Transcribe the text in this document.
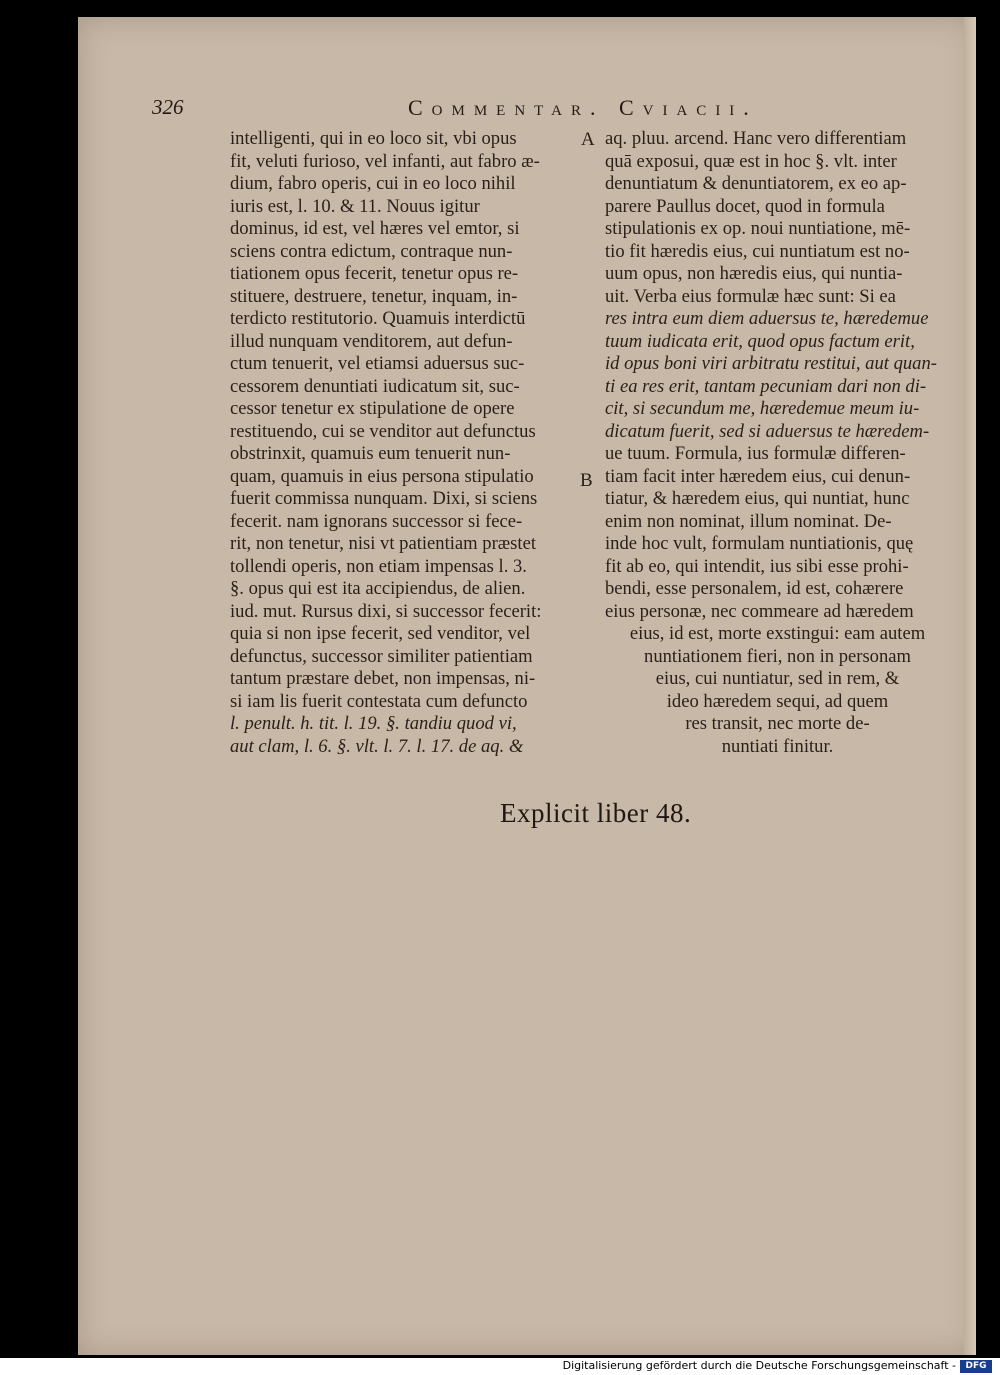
326	Commentar. Cviacii.
intelligenti, qui in eo loco sit, vbi opus
fit, veluti furioso, vel infanti, aut fabro æ-
dium, fabro operis, cui in eo loco nihil
iuris est, l. 10. & 11. Nouus igitur
dominus, id est, vel hæres vel emtor, si
sciens contra edictum, contraque nun-
tiationem opus fecerit, tenetur opus re-
stituere, destruere, tenetur, inquam, in-
terdicto restitutorio. Quamuis interdictū
illud nunquam venditorem, aut defun-
ctum tenuerit, vel etiamsi aduersus suc-
cessorem denuntiati iudicatum sit, suc-
cessor tenetur ex stipulatione de opere
restituendo, cui se venditor aut defunctus
obstrinxit, quamuis eum tenuerit nun-
quam, quamuis in eius persona stipulatio
fuerit commissa nunquam. Dixi, si sciens
fecerit. nam ignorans successor si fece-
rit, non tenetur, nisi vt patientiam præstet
tollendi operis, non etiam impensas l. 3.
§. opus qui est ita accipiendus, de alien.
iud. mut. Rursus dixi, si successor fecerit:
quia si non ipse fecerit, sed venditor, vel
defunctus, successor similiter patientiam
tantum præstare debet, non impensas, ni-
si iam lis fuerit contestata cum defuncto
l. penult. h. tit. l. 19. §. tandiu quod vi,
aut clam, l. 6. §. vlt. l. 7. l. 17. de aq. &
A
B
aq. pluu. arcend. Hanc vero differentiam
quā exposui, quæ est in hoc §. vlt. inter
denuntiatum & denuntiatorem, ex eo ap-
parere Paullus docet, quod in formula
stipulationis ex op. noui nuntiatione, mē-
tio fit hæredis eius, cui nuntiatum est no-
uum opus, non hæredis eius, qui nuntia-
uit. Verba eius formulæ hæc sunt: Si ea
res intra eum diem aduersus te, hæredemue
tuum iudicata erit, quod opus factum erit,
id opus boni viri arbitratu restitui, aut quan-
ti ea res erit, tantam pecuniam dari non di-
cit, si secundum me, hæredemue meum iu-
dicatum fuerit, sed si aduersus te hæredem-
ue tuum. Formula, ius formulæ differen-
tiam facit inter hæredem eius, cui denun-
tiatur, & hæredem eius, qui nuntiat, hunc
enim non nominat, illum nominat. De-
inde hoc vult, formulam nuntiationis, quę
fit ab eo, qui intendit, ius sibi esse prohi-
bendi, esse personalem, id est, cohærere
eius personæ, nec commeare ad hæredem
eius, id est, morte exstingui: eam autem
nuntiationem fieri, non in personam
eius, cui nuntiatur, sed in rem, &
ideo hæredem sequi, ad quem
res transit, nec morte de-
nuntiati finitur.
Explicit liber 48.
Digitalisierung gefördert durch die Deutsche Forschungsgemeinschaft -	DFG
